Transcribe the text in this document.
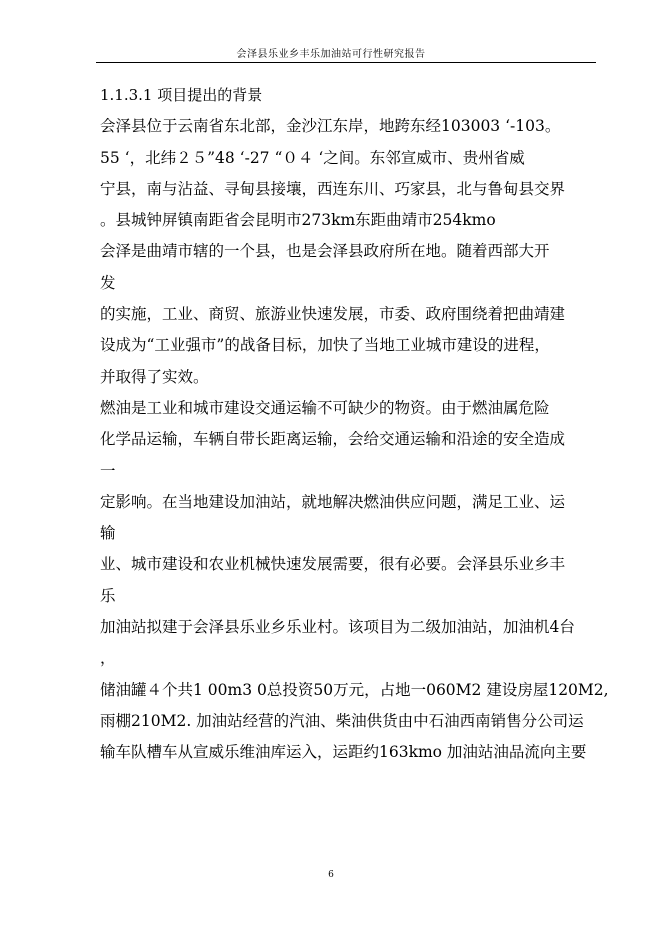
会泽县乐业乡丰乐加油站可行性研究报告
1.1.3.1 项目提出的背景
会泽县位于云南省东北部，金沙江东岸，地跨东经103003 ‘-103。
55 ‘，北纬２５”48 ‘-27 “０４ ‘之间。东邻宣威市、贵州省威
宁县，南与沾益、寻甸县接壤，西连东川、巧家县，北与鲁甸县交界
。县城钟屏镇南距省会昆明市273km东距曲靖市254kmo
会泽是曲靖市辖的一个县，也是会泽县政府所在地。随着西部大开
发
的实施，工业、商贸、旅游业快速发展，市委、政府围绕着把曲靖建
设成为“工业强市”的战备目标，加快了当地工业城市建设的进程，
并取得了实效。
燃油是工业和城市建设交通运输不可缺少的物资。由于燃油属危险
化学品运输，车辆自带长距离运输，会给交通运输和沿途的安全造成
一
定影响。在当地建设加油站，就地解决燃油供应问题，满足工业、运
输
业、城市建设和农业机械快速发展需要，很有必要。会泽县乐业乡丰
乐
加油站拟建于会泽县乐业乡乐业村。该项目为二级加油站，加油机4台
，
储油罐４个共1 00m3 0总投资50万元，占地一060M2 建设房屋120M2,
雨棚210M2. 加油站经营的汽油、柴油供货由中石油西南销售分公司运
输车队槽车从宣威乐维油库运入，运距约163kmo 加油站油品流向主要
6
